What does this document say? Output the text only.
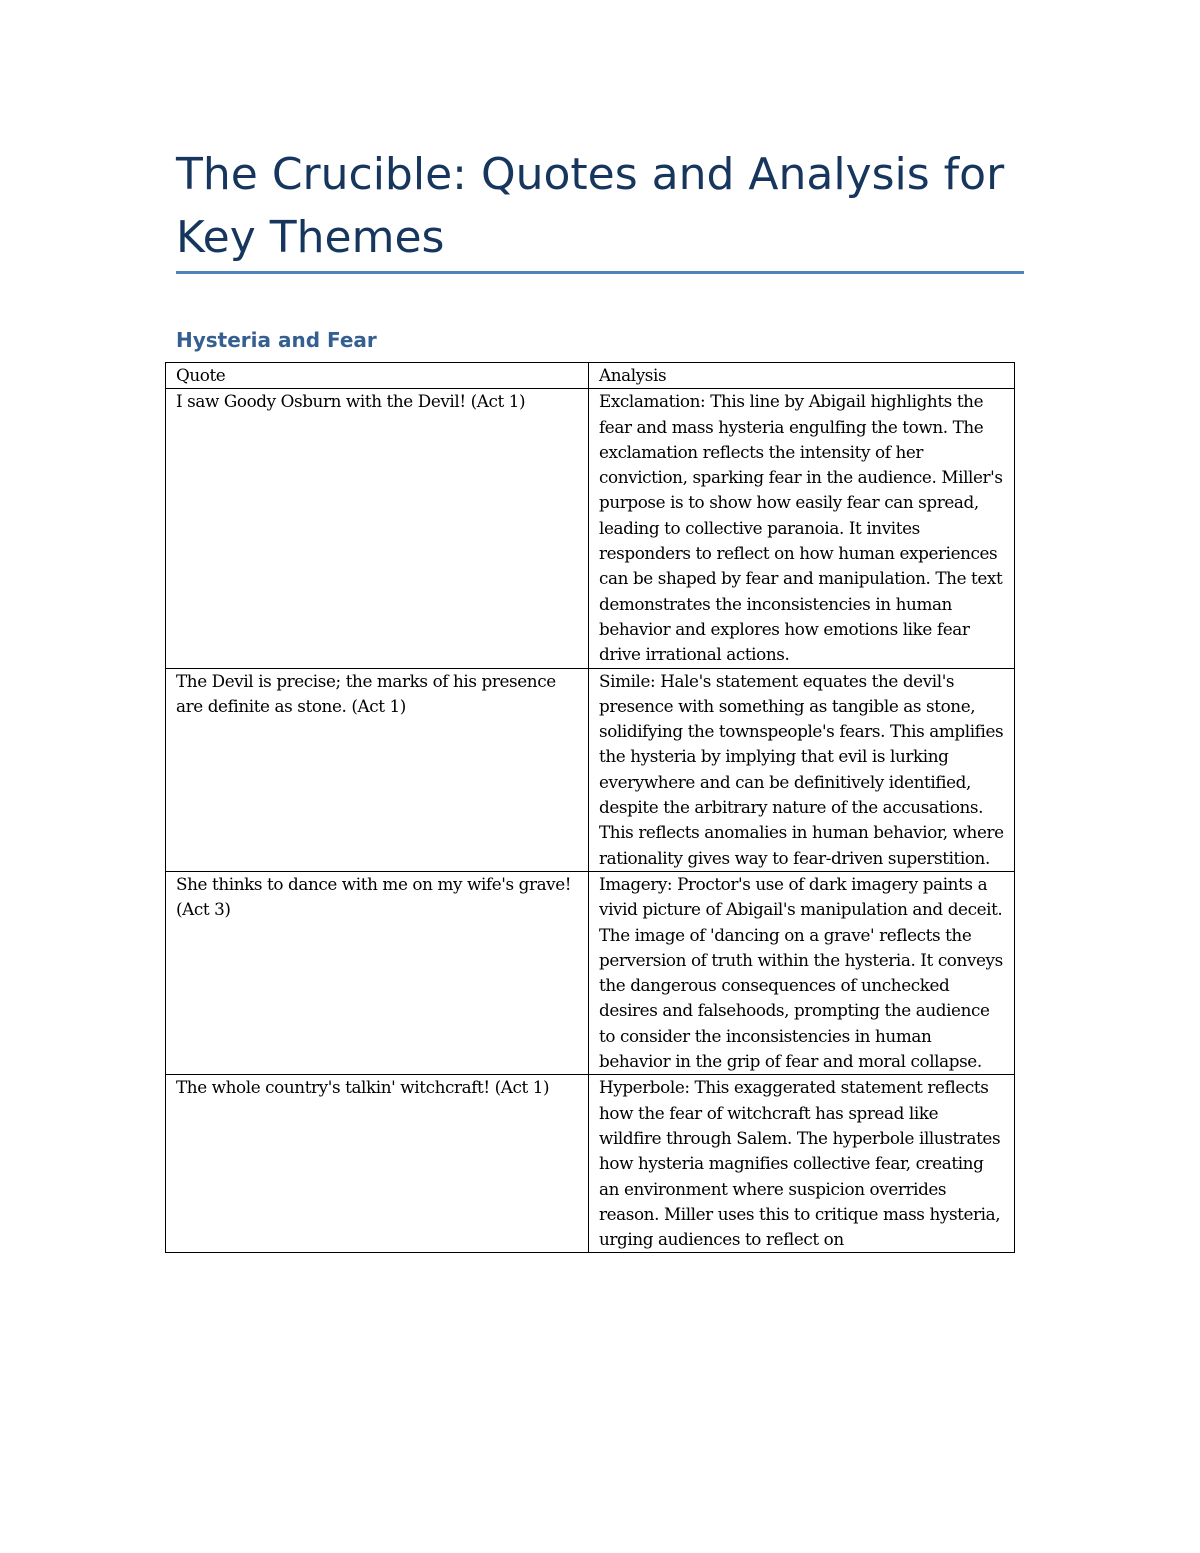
The Crucible: Quotes and Analysis for Key Themes
Hysteria and Fear
Quote	Analysis
I saw Goody Osburn with the Devil! (Act 1)	Exclamation: This line by Abigail highlights the fear and mass hysteria engulfing the town. The exclamation reflects the intensity of her conviction, sparking fear in the audience. Miller's purpose is to show how easily fear can spread, leading to collective paranoia. It invites responders to reflect on how human experiences can be shaped by fear and manipulation. The text demonstrates the inconsistencies in human behavior and explores how emotions like fear drive irrational actions.
The Devil is precise; the marks of his presence are definite as stone. (Act 1)	Simile: Hale's statement equates the devil's presence with something as tangible as stone, solidifying the townspeople's fears. This amplifies the hysteria by implying that evil is lurking everywhere and can be definitively identified, despite the arbitrary nature of the accusations. This reflects anomalies in human behavior, where rationality gives way to fear-driven superstition.
She thinks to dance with me on my wife's grave! (Act 3)	Imagery: Proctor's use of dark imagery paints a vivid picture of Abigail's manipulation and deceit. The image of 'dancing on a grave' reflects the perversion of truth within the hysteria. It conveys the dangerous consequences of unchecked desires and falsehoods, prompting the audience to consider the inconsistencies in human behavior in the grip of fear and moral collapse.
The whole country's talkin' witchcraft! (Act 1)	Hyperbole: This exaggerated statement reflects how the fear of witchcraft has spread like wildfire through Salem. The hyperbole illustrates how hysteria magnifies collective fear, creating an environment where suspicion overrides reason. Miller uses this to critique mass hysteria, urging audiences to reflect on
